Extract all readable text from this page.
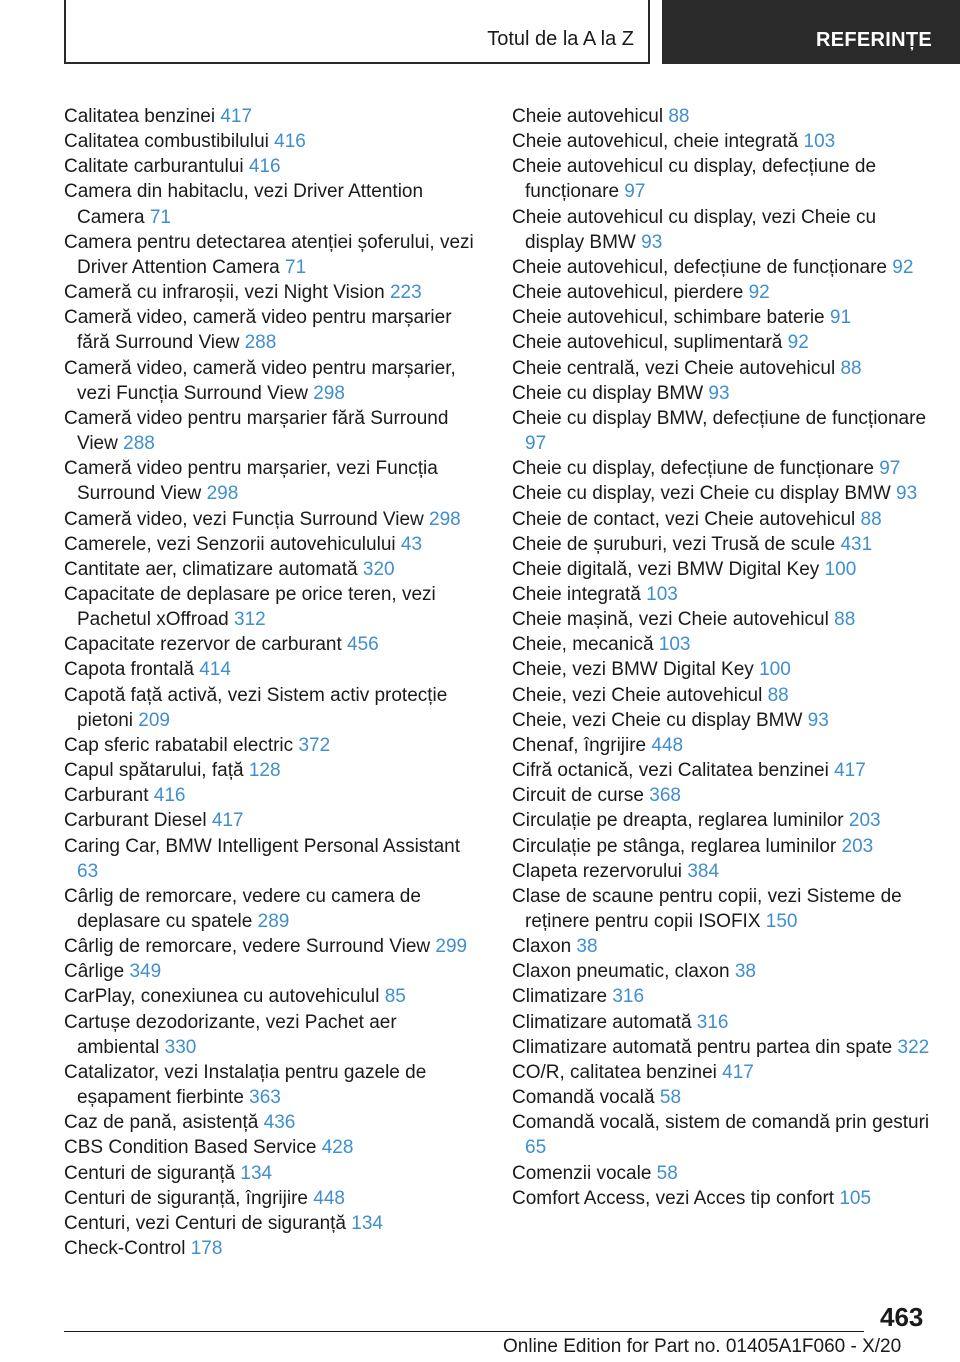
Totul de la A la Z	REFERINȚE
Calitatea benzinei 417
Calitatea combustibilului 416
Calitate carburantului 416
Camera din habitaclu, vezi Driver Attention Camera 71
Camera pentru detectarea atenției șoferului, vezi Driver Attention Camera 71
Cameră cu infraroșii, vezi Night Vision 223
Cameră video, cameră video pentru marșarier fără Surround View 288
Cameră video, cameră video pentru marșarier, vezi Funcția Surround View 298
Cameră video pentru marșarier fără Surround View 288
Cameră video pentru marșarier, vezi Funcția Surround View 298
Cameră video, vezi Funcția Surround View 298
Camerele, vezi Senzorii autovehiculului 43
Cantitate aer, climatizare automată 320
Capacitate de deplasare pe orice teren, vezi Pachetul xOffroad 312
Capacitate rezervor de carburant 456
Capota frontală 414
Capotă față activă, vezi Sistem activ protecție pietoni 209
Cap sferic rabatabil electric 372
Capul spătarului, față 128
Carburant 416
Carburant Diesel 417
Caring Car, BMW Intelligent Personal Assistant 63
Cârlig de remorcare, vedere cu camera de deplasare cu spatele 289
Cârlig de remorcare, vedere Surround View 299
Cârlige 349
CarPlay, conexiunea cu autovehiculul 85
Cartușe dezodorizante, vezi Pachet aer ambiental 330
Catalizator, vezi Instalația pentru gazele de eșapament fierbinte 363
Caz de pană, asistență 436
CBS Condition Based Service 428
Centuri de siguranță 134
Centuri de siguranță, îngrijire 448
Centuri, vezi Centuri de siguranță 134
Check-Control 178
Cheie autovehicul 88
Cheie autovehicul, cheie integrată 103
Cheie autovehicul cu display, defecțiune de funcționare 97
Cheie autovehicul cu display, vezi Cheie cu display BMW 93
Cheie autovehicul, defecțiune de funcționare 92
Cheie autovehicul, pierdere 92
Cheie autovehicul, schimbare baterie 91
Cheie autovehicul, suplimentară 92
Cheie centrală, vezi Cheie autovehicul 88
Cheie cu display BMW 93
Cheie cu display BMW, defecțiune de funcționare 97
Cheie cu display, defecțiune de funcționare 97
Cheie cu display, vezi Cheie cu display BMW 93
Cheie de contact, vezi Cheie autovehicul 88
Cheie de șuruburi, vezi Trusă de scule 431
Cheie digitală, vezi BMW Digital Key 100
Cheie integrată 103
Cheie mașină, vezi Cheie autovehicul 88
Cheie, mecanică 103
Cheie, vezi BMW Digital Key 100
Cheie, vezi Cheie autovehicul 88
Cheie, vezi Cheie cu display BMW 93
Chenaf, îngrijire 448
Cifră octanică, vezi Calitatea benzinei 417
Circuit de curse 368
Circulație pe dreapta, reglarea luminilor 203
Circulație pe stânga, reglarea luminilor 203
Clapeta rezervorului 384
Clase de scaune pentru copii, vezi Sisteme de reținere pentru copii ISOFIX 150
Claxon 38
Claxon pneumatic, claxon 38
Climatizare 316
Climatizare automată 316
Climatizare automată pentru partea din spate 322
CO/R, calitatea benzinei 417
Comandă vocală 58
Comandă vocală, sistem de comandă prin gesturi 65
Comenzii vocale 58
Comfort Access, vezi Acces tip confort 105
463
Online Edition for Part no. 01405A1F060 - X/20
